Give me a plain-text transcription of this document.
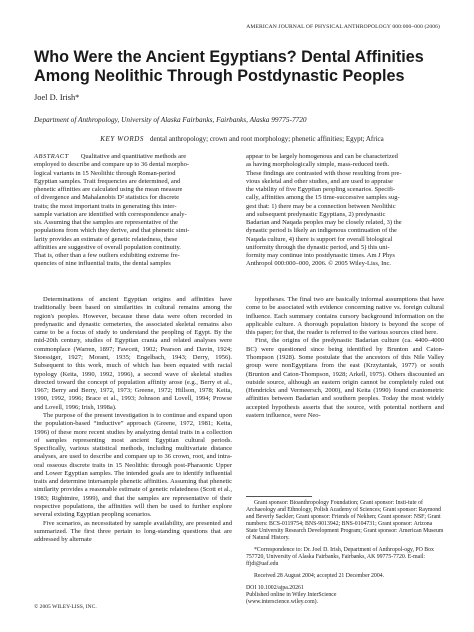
AMERICAN JOURNAL OF PHYSICAL ANTHROPOLOGY 000:000–000 (2006)
Who Were the Ancient Egyptians? Dental Affinities
Among Neolithic Through Postdynastic Peoples
Joel D. Irish*
Department of Anthropology, University of Alaska Fairbanks, Fairbanks, Alaska 99775-7720
KEY WORDS dental anthropology; crown and root morphology; phenetic affinities; Egypt; Africa
ABSTRACT Qualitative and quantitative methods are
employed to describe and compare up to 36 dental morpho-
logical variants in 15 Neolithic through Roman-period
Egyptian samples. Trait frequencies are determined, and
phenetic affinities are calculated using the mean measure
of divergence and Mahalanobis D² statistics for discrete
traits; the most important traits in generating this inter-
sample variation are identified with correspondence analy-
sis. Assuming that the samples are representative of the
populations from which they derive, and that phenetic simi-
larity provides an estimate of genetic relatedness, these
affinities are suggestive of overall population continuity.
That is, other than a few outliers exhibiting extreme fre-
quencies of nine influential traits, the dental samples
appear to be largely homogenous and can be characterized
as having morphologically simple, mass-reduced teeth.
These findings are contrasted with those resulting from pre-
vious skeletal and other studies, and are used to appraise
the viability of five Egyptian peopling scenarios. Specifi-
cally, affinities among the 15 time-successive samples sug-
gest that: 1) there may be a connection between Neolithic
and subsequent predynastic Egyptians, 2) predynastic
Badarian and Naqada peoples may be closely related, 3) the
dynastic period is likely an indigenous continuation of the
Naqada culture, 4) there is support for overall biological
uniformity through the dynastic period, and 5) this uni-
formity may continue into postdynastic times. Am J Phys
Anthropol 000:000–000, 2006. © 2005 Wiley-Liss, Inc.

Determinations of ancient Egyptian origins and affinities have traditionally been based on similarities in cultural remains among the region's peoples. However, because these data were often recorded in predynastic and dynastic cemeteries, the associated skeletal remains also came to be a focus of study to understand the peopling of Egypt. By the mid-20th century, studies of Egyptian crania and related analyses were commonplace (Warren, 1897; Fawcett, 1902; Pearson and Davin, 1924; Stoessiger, 1927; Morant, 1935; Engelbach, 1943; Derry, 1956). Subsequent to this work, much of which has been equated with racial typology (Keita, 1990, 1992, 1996), a second wave of skeletal studies directed toward the concept of population affinity arose (e.g., Berry et al., 1967; Berry and Berry, 1972, 1973; Greene, 1972; Hillson, 1978; Keita, 1990, 1992, 1996; Brace et al., 1993; Johnson and Lovell, 1994; Prowse and Lovell, 1996; Irish, 1998a).

The purpose of the present investigation is to continue and expand upon the population-based “inductive” approach (Greene, 1972, 1981; Keita, 1996) of these more recent studies by analyzing dental traits in a collection of samples representing most ancient Egyptian cultural periods. Specifically, various statistical methods, including multivariate distance analyses, are used to describe and compare up to 36 crown, root, and intra-oral osseous discrete traits in 15 Neolithic through post-Pharaonic Upper and Lower Egyptian samples. The intended goals are to identify influential traits and determine intersample phenetic affinities. Assuming that phenetic similarity provides a reasonable estimate of genetic relatedness (Scott et al., 1983; Rightmire, 1999), and that the samples are representative of their respective populations, the affinities will then be used to further explore several existing Egyptian peopling scenarios.

Five scenarios, as necessitated by sample availability, are presented and summarized. The first three pertain to long-standing questions that are addressed by alternate

hypotheses. The final two are basically informal assumptions that have come to be associated with evidence concerning native vs. foreign cultural influence. Each summary contains cursory background information on the applicable culture. A thorough population history is beyond the scope of this paper; for that, the reader is referred to the various sources cited here.

First, the origins of the predynastic Badarian culture (ca. 4400–4000 BC) were questioned since being identified by Brunton and Caton-Thompson (1928). Some postulate that the ancestors of this Nile Valley group were nonEgyptians from the east (Krzyżaniak, 1977) or south (Brunton and Caton-Thompson, 1928; Arkell, 1975). Others discounted an outside source, although an eastern origin cannot be completely ruled out (Hendrickx and Vermeersch, 2000), and Keita (1990) found craniometric affinities between Badarian and southern peoples. Today the most widely accepted hypothesis asserts that the source, with potential northern and eastern influence, were Neo-

Grant sponsor: Bioanthropology Foundation; Grant sponsor: Insti-tute of Archaeology and Ethnology, Polish Academy of Sciences; Grant sponsor: Raymond and Beverly Sackler; Grant sponsor: Friends of Nekhen; Grant sponsor: NSF; Grant numbers: BCS-0119754; BNS-9013942; BNS-0104731; Grant sponsor: Arizona State University Research Development Program; Grant sponsor: American Museum of Natural History.

*Correspondence to: Dr. Joel D. Irish, Department of Anthropol-ogy, PO Box 757720, University of Alaska Fairbanks, Fairbanks, AK 99775-7720. E-mail: ffjdi@uaf.edu

Received 28 August 2004; accepted 21 December 2004.

DOI 10.1002/ajpa.20261
Published online in Wiley InterScience
(www.interscience.wiley.com).

© 2005 WILEY-LISS, INC.
